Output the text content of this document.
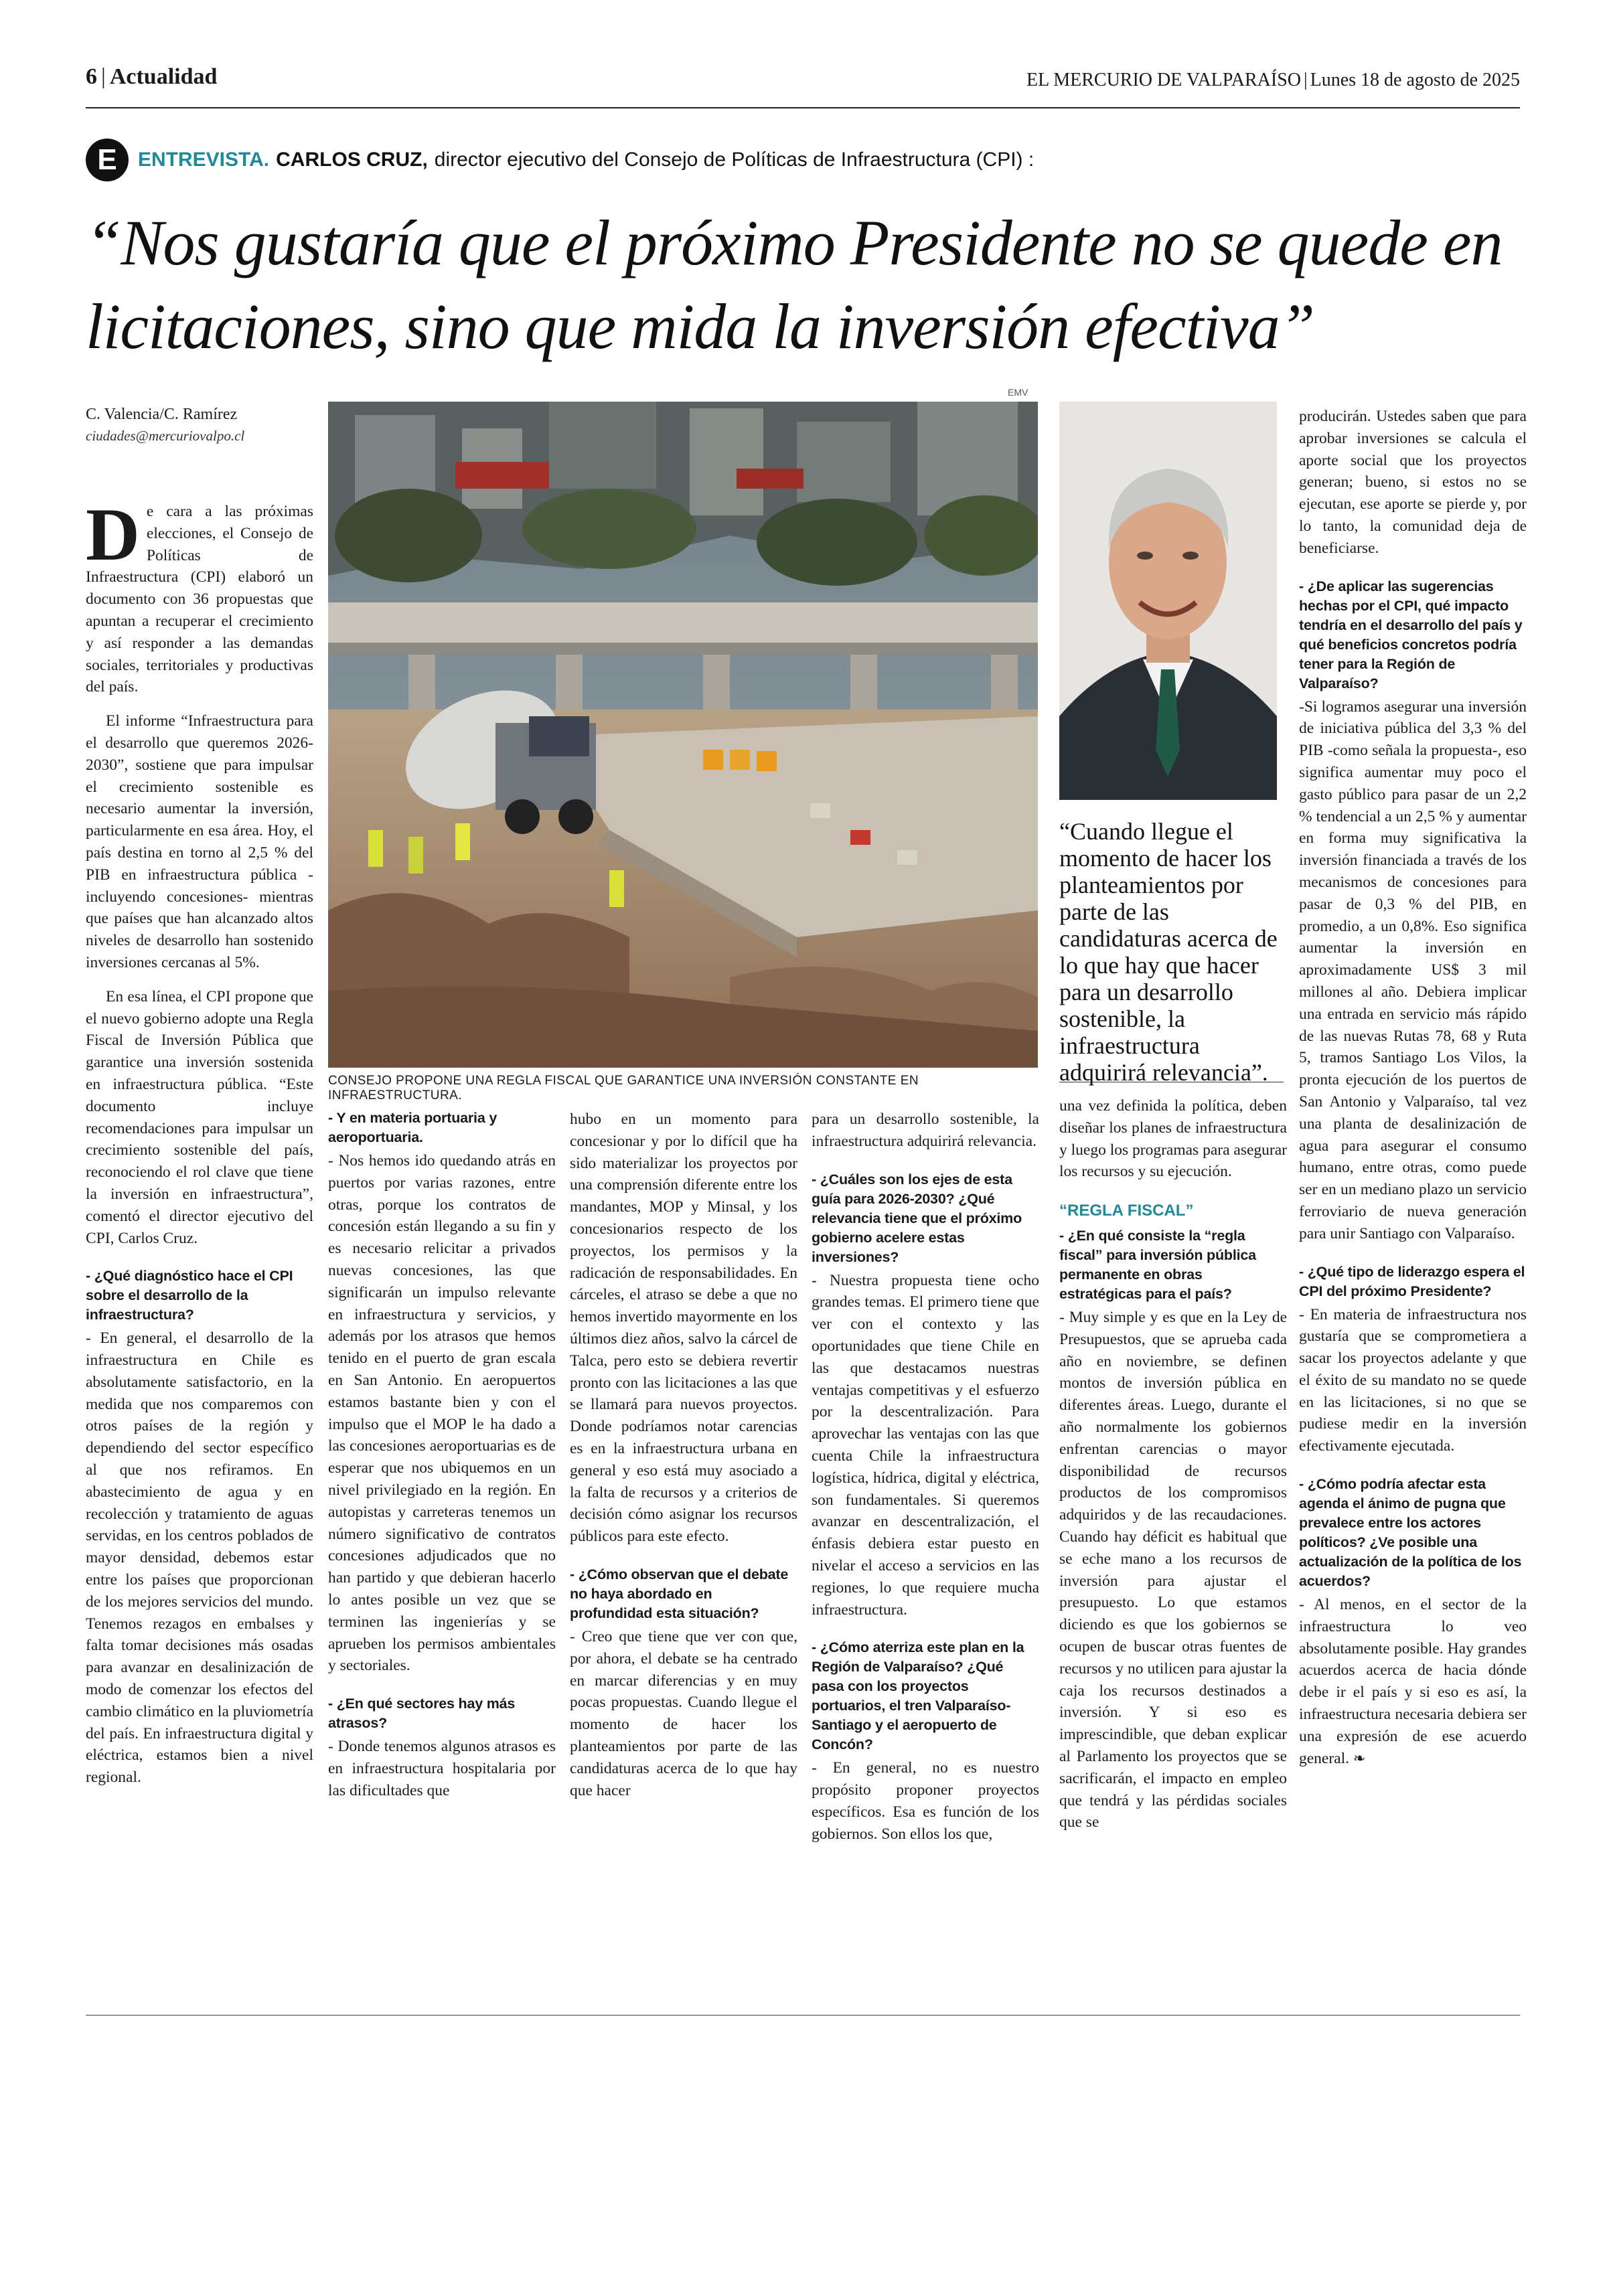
6 | Actualidad	EL MERCURIO DE VALPARAÍSO | Lunes 18 de agosto de 2025
E	ENTREVISTA. CARLOS CRUZ, director ejecutivo del Consejo de Políticas de Infraestructura (CPI) :
“Nos gustaría que el próximo Presidente no se quede en licitaciones, sino que mida la inversión efectiva”
C. Valencia/C. Ramírez
ciudades@mercuriovalpo.cl
EMV
CONSEJO PROPONE UNA REGLA FISCAL QUE GARANTICE UNA INVERSIÓN CONSTANTE EN INFRAESTRUCTURA.
“Cuando llegue el momento de hacer los planteamientos por parte de las candidaturas acerca de lo que hay que hacer para un desarrollo sostenible, la infraestructura adquirirá relevancia”.

De cara a las próximas elecciones, el Consejo de Políticas de Infraestructura (CPI) elaboró un documento con 36 propuestas que apuntan a recuperar el crecimiento y así responder a las demandas sociales, territoriales y productivas del país.

El informe “Infraestructura para el desarrollo que queremos 2026-2030”, sostiene que para impulsar el crecimiento sostenible es necesario aumentar la inversión, particularmente en esa área. Hoy, el país destina en torno al 2,5 % del PIB en infraestructura pública -incluyendo concesiones- mientras que países que han alcanzado altos niveles de desarrollo han sostenido inversiones cercanas al 5%.

En esa línea, el CPI propone que el nuevo gobierno adopte una Regla Fiscal de Inversión Pública que garantice una inversión sostenida en infraestructura pública. “Este documento incluye recomendaciones para impulsar un crecimiento sostenible del país, reconociendo el rol clave que tiene la inversión en infraestructura”, comentó el director ejecutivo del CPI, Carlos Cruz.

- ¿Qué diagnóstico hace el CPI sobre el desarrollo de la infraestructura?
- En general, el desarrollo de la infraestructura en Chile es absolutamente satisfactorio, en la medida que nos comparemos con otros países de la región y dependiendo del sector específico al que nos refiramos. En abastecimiento de agua y en recolección y tratamiento de aguas servidas, en los centros poblados de mayor densidad, debemos estar entre los países que proporcionan de los mejores servicios del mundo. Tenemos rezagos en embalses y falta tomar decisiones más osadas para avanzar en desalinización de modo de comenzar los efectos del cambio climático en la pluviometría del país. En infraestructura digital y eléctrica, estamos bien a nivel regional.
- Y en materia portuaria y aeroportuaria.
- Nos hemos ido quedando atrás en puertos por varias razones, entre otras, porque los contratos de concesión están llegando a su fin y es necesario relicitar a privados nuevas concesiones, las que significarán un impulso relevante en infraestructura y servicios, y además por los atrasos que hemos tenido en el puerto de gran escala en San Antonio. En aeropuertos estamos bastante bien y con el impulso que el MOP le ha dado a las concesiones aeroportuarias es de esperar que nos ubiquemos en un nivel privilegiado en la región. En autopistas y carreteras tenemos un número significativo de contratos concesiones adjudicados que no han partido y que debieran hacerlo lo antes posible un vez que se terminen las ingenierías y se aprueben los permisos ambientales y sectoriales.
- ¿En qué sectores hay más atrasos?
- Donde tenemos algunos atrasos es en infraestructura hospitalaria por las dificultades que
hubo en un momento para concesionar y por lo difícil que ha sido materializar los proyectos por una comprensión diferente entre los mandantes, MOP y Minsal, y los concesionarios respecto de los proyectos, los permisos y la radicación de responsabilidades. En cárceles, el atraso se debe a que no hemos invertido mayormente en los últimos diez años, salvo la cárcel de Talca, pero esto se debiera revertir pronto con las licitaciones a las que se llamará para nuevos proyectos. Donde podríamos notar carencias es en la infraestructura urbana en general y eso está muy asociado a la falta de recursos y a criterios de decisión cómo asignar los recursos públicos para este efecto.
- ¿Cómo observan que el debate no haya abordado en profundidad esta situación?
- Creo que tiene que ver con que, por ahora, el debate se ha centrado en marcar diferencias y en muy pocas propuestas. Cuando llegue el momento de hacer los planteamientos por parte de las candidaturas acerca de lo que hay que hacer
para un desarrollo sostenible, la infraestructura adquirirá relevancia.
- ¿Cuáles son los ejes de esta guía para 2026-2030? ¿Qué relevancia tiene que el próximo gobierno acelere estas inversiones?
- Nuestra propuesta tiene ocho grandes temas. El primero tiene que ver con el contexto y las oportunidades que tiene Chile en las que destacamos nuestras ventajas competitivas y el esfuerzo por la descentralización. Para aprovechar las ventajas con las que cuenta Chile la infraestructura logística, hídrica, digital y eléctrica, son fundamentales. Si queremos avanzar en descentralización, el énfasis debiera estar puesto en nivelar el acceso a servicios en las regiones, lo que requiere mucha infraestructura.
- ¿Cómo aterriza este plan en la Región de Valparaíso? ¿Qué pasa con los proyectos portuarios, el tren Valparaíso-Santiago y el aeropuerto de Concón?
- En general, no es nuestro propósito proponer proyectos específicos. Esa es función de los gobiernos. Son ellos los que,
una vez definida la política, deben diseñar los planes de infraestructura y luego los programas para asegurar los recursos y su ejecución.
“REGLA FISCAL”
- ¿En qué consiste la “regla fiscal” para inversión pública permanente en obras estratégicas para el país?
- Muy simple y es que en la Ley de Presupuestos, que se aprueba cada año en noviembre, se definen montos de inversión pública en diferentes áreas. Luego, durante el año normalmente los gobiernos enfrentan carencias o mayor disponibilidad de recursos productos de los compromisos adquiridos y de las recaudaciones. Cuando hay déficit es habitual que se eche mano a los recursos de inversión para ajustar el presupuesto. Lo que estamos diciendo es que los gobiernos se ocupen de buscar otras fuentes de recursos y no utilicen para ajustar la caja los recursos destinados a inversión. Y si eso es imprescindible, que deban explicar al Parlamento los proyectos que se sacrificarán, el impacto en empleo que tendrá y las pérdidas sociales que se
producirán. Ustedes saben que para aprobar inversiones se calcula el aporte social que los proyectos generan; bueno, si estos no se ejecutan, ese aporte se pierde y, por lo tanto, la comunidad deja de beneficiarse.
- ¿De aplicar las sugerencias hechas por el CPI, qué impacto tendría en el desarrollo del país y qué beneficios concretos podría tener para la Región de Valparaíso?
-Si logramos asegurar una inversión de iniciativa pública del 3,3 % del PIB -como señala la propuesta-, eso significa aumentar muy poco el gasto público para pasar de un 2,2 % tendencial a un 2,5 % y aumentar en forma muy significativa la inversión financiada a través de los mecanismos de concesiones para pasar de 0,3 % del PIB, en promedio, a un 0,8%. Eso significa aumentar la inversión en aproximadamente US$ 3 mil millones al año. Debiera implicar una entrada en servicio más rápido de las nuevas Rutas 78, 68 y Ruta 5, tramos Santiago Los Vilos, la pronta ejecución de los puertos de San Antonio y Valparaíso, tal vez una planta de desalinización de agua para asegurar el consumo humano, entre otras, como puede ser en un mediano plazo un servicio ferroviario de nueva generación para unir Santiago con Valparaíso.
- ¿Qué tipo de liderazgo espera el CPI del próximo Presidente?
- En materia de infraestructura nos gustaría que se comprometiera a sacar los proyectos adelante y que el éxito de su mandato no se quede en las licitaciones, si no que se pudiese medir en la inversión efectivamente ejecutada.
- ¿Cómo podría afectar esta agenda el ánimo de pugna que prevalece entre los actores políticos? ¿Ve posible una actualización de la política de los acuerdos?
- Al menos, en el sector de la infraestructura lo veo absolutamente posible. Hay grandes acuerdos acerca de hacia dónde debe ir el país y si eso es así, la infraestructura necesaria debiera ser una expresión de ese acuerdo general. ❧
